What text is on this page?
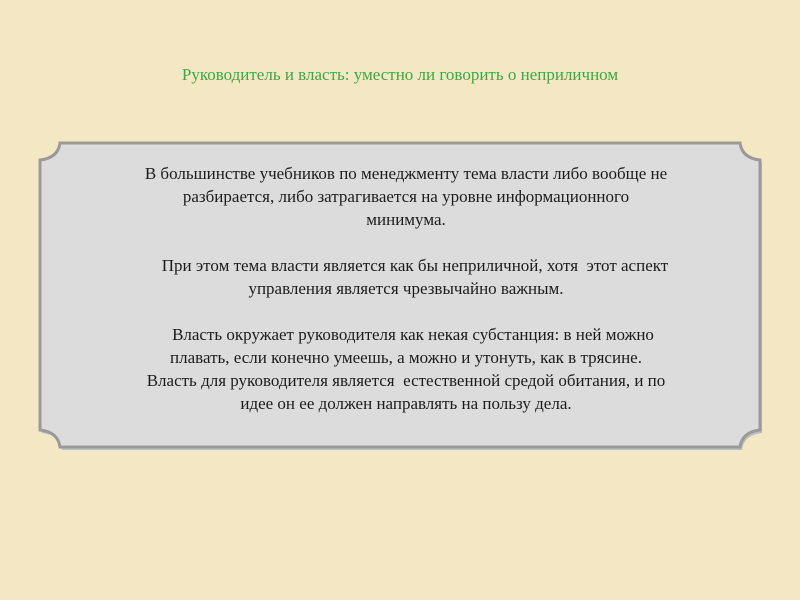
Руководитель и власть: уместно ли говорить о неприличном
В большинстве учебников по менеджменту тема власти либо вообще не
разбирается, либо затрагивается на уровне информационного
минимума.
При этом тема власти является как бы неприличной, хотя  этот аспект
управления является чрезвычайно важным.
Власть окружает руководителя как некая субстанция: в ней можно
плавать, если конечно умеешь, а можно и утонуть, как в трясине.
Власть для руководителя является  естественной средой обитания, и по
идее он ее должен направлять на пользу дела.
